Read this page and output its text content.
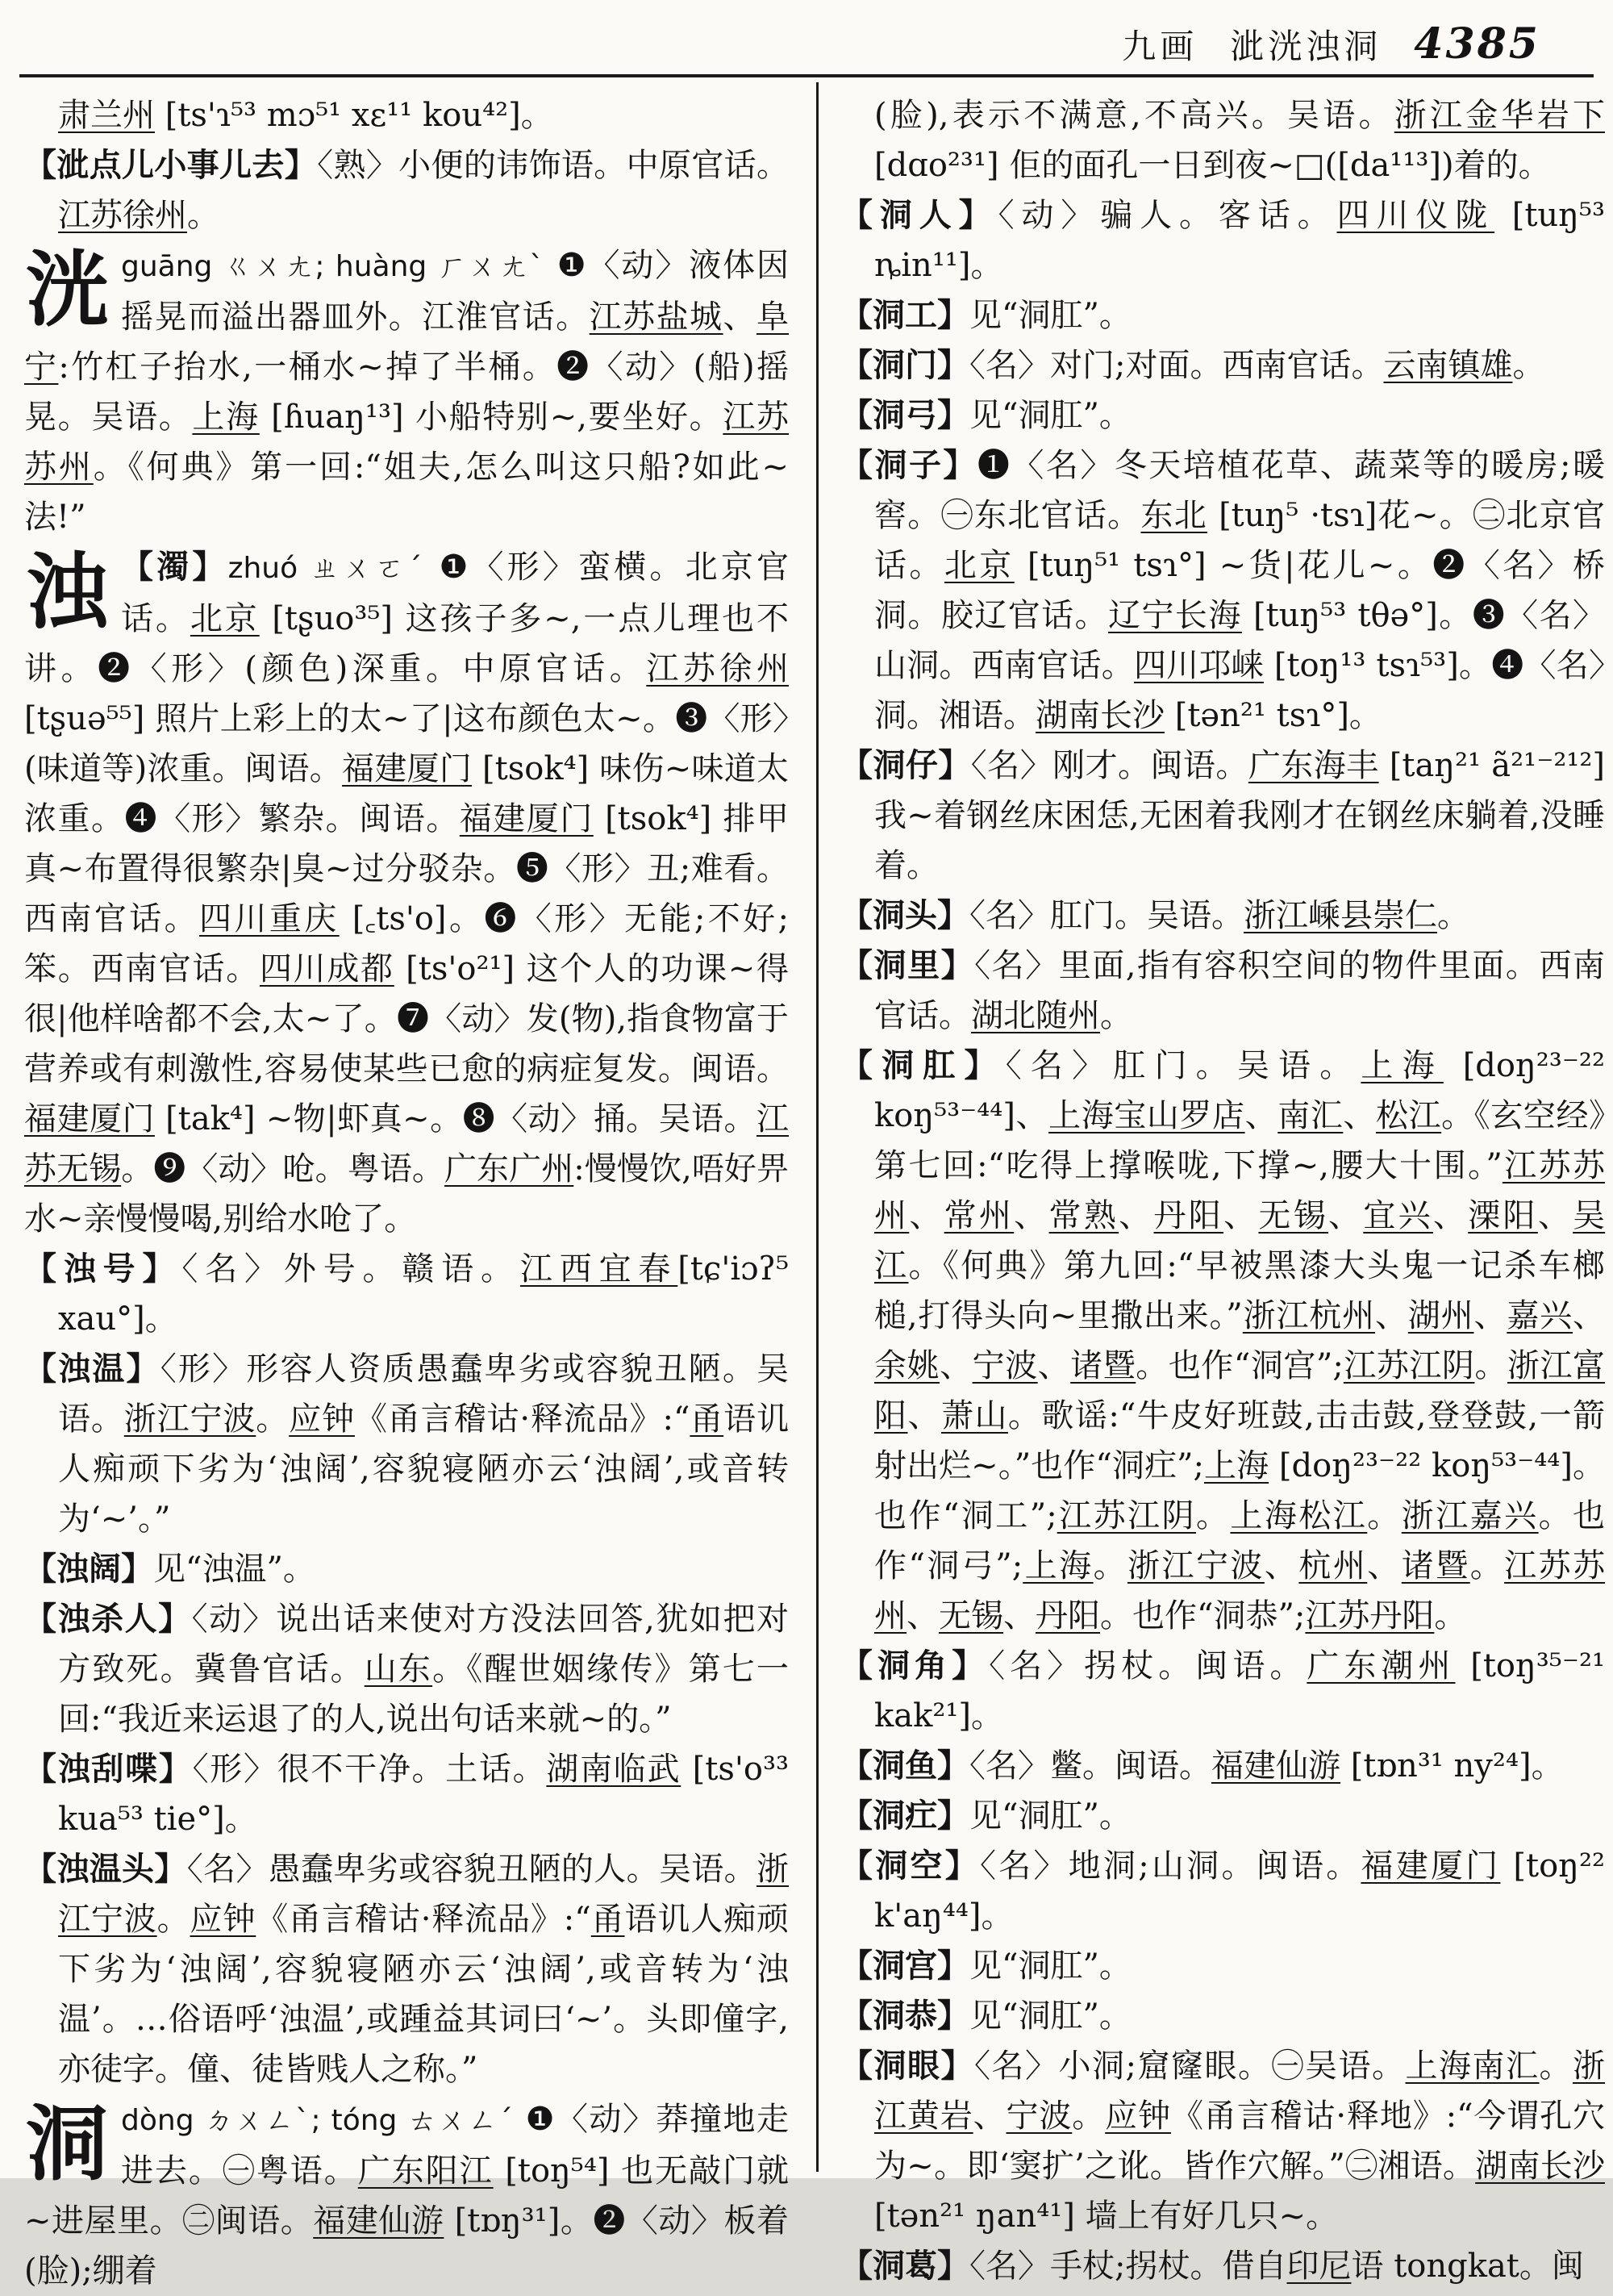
九画 泚洸浊洞 4385
肃兰州 [ts'ɿ⁵³ mɔ⁵¹ xɛ¹¹ kou⁴²]。
【泚点儿小事儿去】〈熟〉小便的讳饰语。中原官话。江苏徐州。
洸guāng ㄍㄨㄤ; huàng ㄏㄨㄤˋ ❶〈动〉液体因摇晃而溢出器皿外。江淮官话。江苏盐城、阜宁:竹杠子抬水,一桶水~掉了半桶。❷〈动〉(船)摇晃。吴语。上海 [ɦuaŋ¹³] 小船特别~,要坐好。江苏苏州。《何典》第一回:“姐夫,怎么叫这只船?如此~法!”
浊 【濁】zhuó ㄓㄨㄛˊ ❶〈形〉蛮横。北京官话。北京 [tʂuo³⁵] 这孩子多~,一点儿理也不讲。❷〈形〉(颜色)深重。中原官话。江苏徐州 [tʂuə⁵⁵] 照片上彩上的太~了|这布颜色太~。❸〈形〉(味道等)浓重。闽语。福建厦门 [tsok⁴] 味伤~味道太浓重。❹〈形〉繁杂。闽语。福建厦门 [tsok⁴] 排甲真~布置得很繁杂|臭~过分驳杂。❺〈形〉丑;难看。西南官话。四川重庆 [꜀ts'o]。❻〈形〉无能;不好;笨。西南官话。四川成都 [ts'o²¹] 这个人的功课~得很|他样啥都不会,太~了。❼〈动〉发(物),指食物富于营养或有刺激性,容易使某些已愈的病症复发。闽语。福建厦门 [tak⁴] ~物|虾真~。❽〈动〉捅。吴语。江苏无锡。❾〈动〉呛。粤语。广东广州:慢慢饮,唔好畀水~亲慢慢喝,别给水呛了。
【浊号】〈名〉外号。赣语。江西宜春[tɕ'iɔʔ⁵ xau°]。
【浊温】〈形〉形容人资质愚蠢卑劣或容貌丑陋。吴语。浙江宁波。应钟《甬言稽诂·释流品》:“甬语讥人痴顽下劣为‘浊阔’,容貌寝陋亦云‘浊阔’,或音转为‘~’。”
【浊阔】见“浊温”。
【浊杀人】〈动〉说出话来使对方没法回答,犹如把对方致死。冀鲁官话。山东。《醒世姻缘传》第七一回:“我近来运退了的人,说出句话来就~的。”
【浊刮喋】〈形〉很不干净。土话。湖南临武 [ts'o³³ kua⁵³ tie°]。
【浊温头】〈名〉愚蠢卑劣或容貌丑陋的人。吴语。浙江宁波。应钟《甬言稽诂·释流品》:“甬语讥人痴顽下劣为‘浊阔’,容貌寝陋亦云‘浊阔’,或音转为‘浊温’。…俗语呼‘浊温’,或踵益其词曰‘~’。头即僮字,亦徒字。僮、徒皆贱人之称。”
洞dòng ㄉㄨㄥˋ; tóng ㄊㄨㄥˊ ❶〈动〉莽撞地走进去。㊀粤语。广东阳江 [toŋ⁵⁴] 也无敲门就~进屋里。㊁闽语。福建仙游 [tɒŋ³¹]。❷〈动〉板着(脸);绷着
(脸),表示不满意,不高兴。吴语。浙江金华岩下 [dɑo²³¹] 佢的面孔一日到夜~□([da¹¹³])着的。
【洞人】〈动〉骗人。客话。四川仪陇 [tuŋ⁵³ ȵin¹¹]。
【洞工】见“洞肛”。
【洞门】〈名〉对门;对面。西南官话。云南镇雄。
【洞弓】见“洞肛”。
【洞子】❶〈名〉冬天培植花草、蔬菜等的暖房;暖窖。㊀东北官话。东北 [tuŋ⁵ ·tsɿ]花~。㊁北京官话。北京 [tuŋ⁵¹ tsɿ°] ~货|花儿~。❷〈名〉桥洞。胶辽官话。辽宁长海 [tuŋ⁵³ tθə°]。❸〈名〉山洞。西南官话。四川邛崃 [toŋ¹³ tsɿ⁵³]。❹〈名〉洞。湘语。湖南长沙 [tən²¹ tsɿ°]。
【洞仔】〈名〉刚才。闽语。广东海丰 [taŋ²¹ ã²¹⁻²¹²] 我~着钢丝床困恁,无困着我刚才在钢丝床躺着,没睡着。
【洞头】〈名〉肛门。吴语。浙江嵊县崇仁。
【洞里】〈名〉里面,指有容积空间的物件里面。西南官话。湖北随州。
【洞肛】〈名〉肛门。吴语。上海 [doŋ²³⁻²² koŋ⁵³⁻⁴⁴]、上海宝山罗店、南汇、松江。《玄空经》第七回:“吃得上撑喉咙,下撑~,腰大十围。”江苏苏州、常州、常熟、丹阳、无锡、宜兴、溧阳、吴江。《何典》第九回:“早被黑漆大头鬼一记杀车榔槌,打得头向~里撒出来。”浙江杭州、湖州、嘉兴、余姚、宁波、诸暨。也作“洞宫”;江苏江阴。浙江富阳、萧山。歌谣:“牛皮好班鼓,击击鼓,登登鼓,一箭射出烂~。”也作“洞疘”;上海 [doŋ²³⁻²² koŋ⁵³⁻⁴⁴]。也作“洞工”;江苏江阴。上海松江。浙江嘉兴。也作“洞弓”;上海。浙江宁波、杭州、诸暨。江苏苏州、无锡、丹阳。也作“洞恭”;江苏丹阳。
【洞角】〈名〉拐杖。闽语。广东潮州 [toŋ³⁵⁻²¹ kak²¹]。
【洞鱼】〈名〉鳖。闽语。福建仙游 [tɒn³¹ ny²⁴]。
【洞疘】见“洞肛”。
【洞空】〈名〉地洞;山洞。闽语。福建厦门 [toŋ²² k'aŋ⁴⁴]。
【洞宫】见“洞肛”。
【洞恭】见“洞肛”。
【洞眼】〈名〉小洞;窟窿眼。㊀吴语。上海南汇。浙江黄岩、宁波。应钟《甬言稽诂·释地》:“今谓孔穴为~。即‘窦扩’之讹。皆作穴解。”㊁湘语。湖南长沙 [tən²¹ ŋan⁴¹] 墙上有好几只~。
【洞葛】〈名〉手杖;拐杖。借自印尼语 tongkat。闽
